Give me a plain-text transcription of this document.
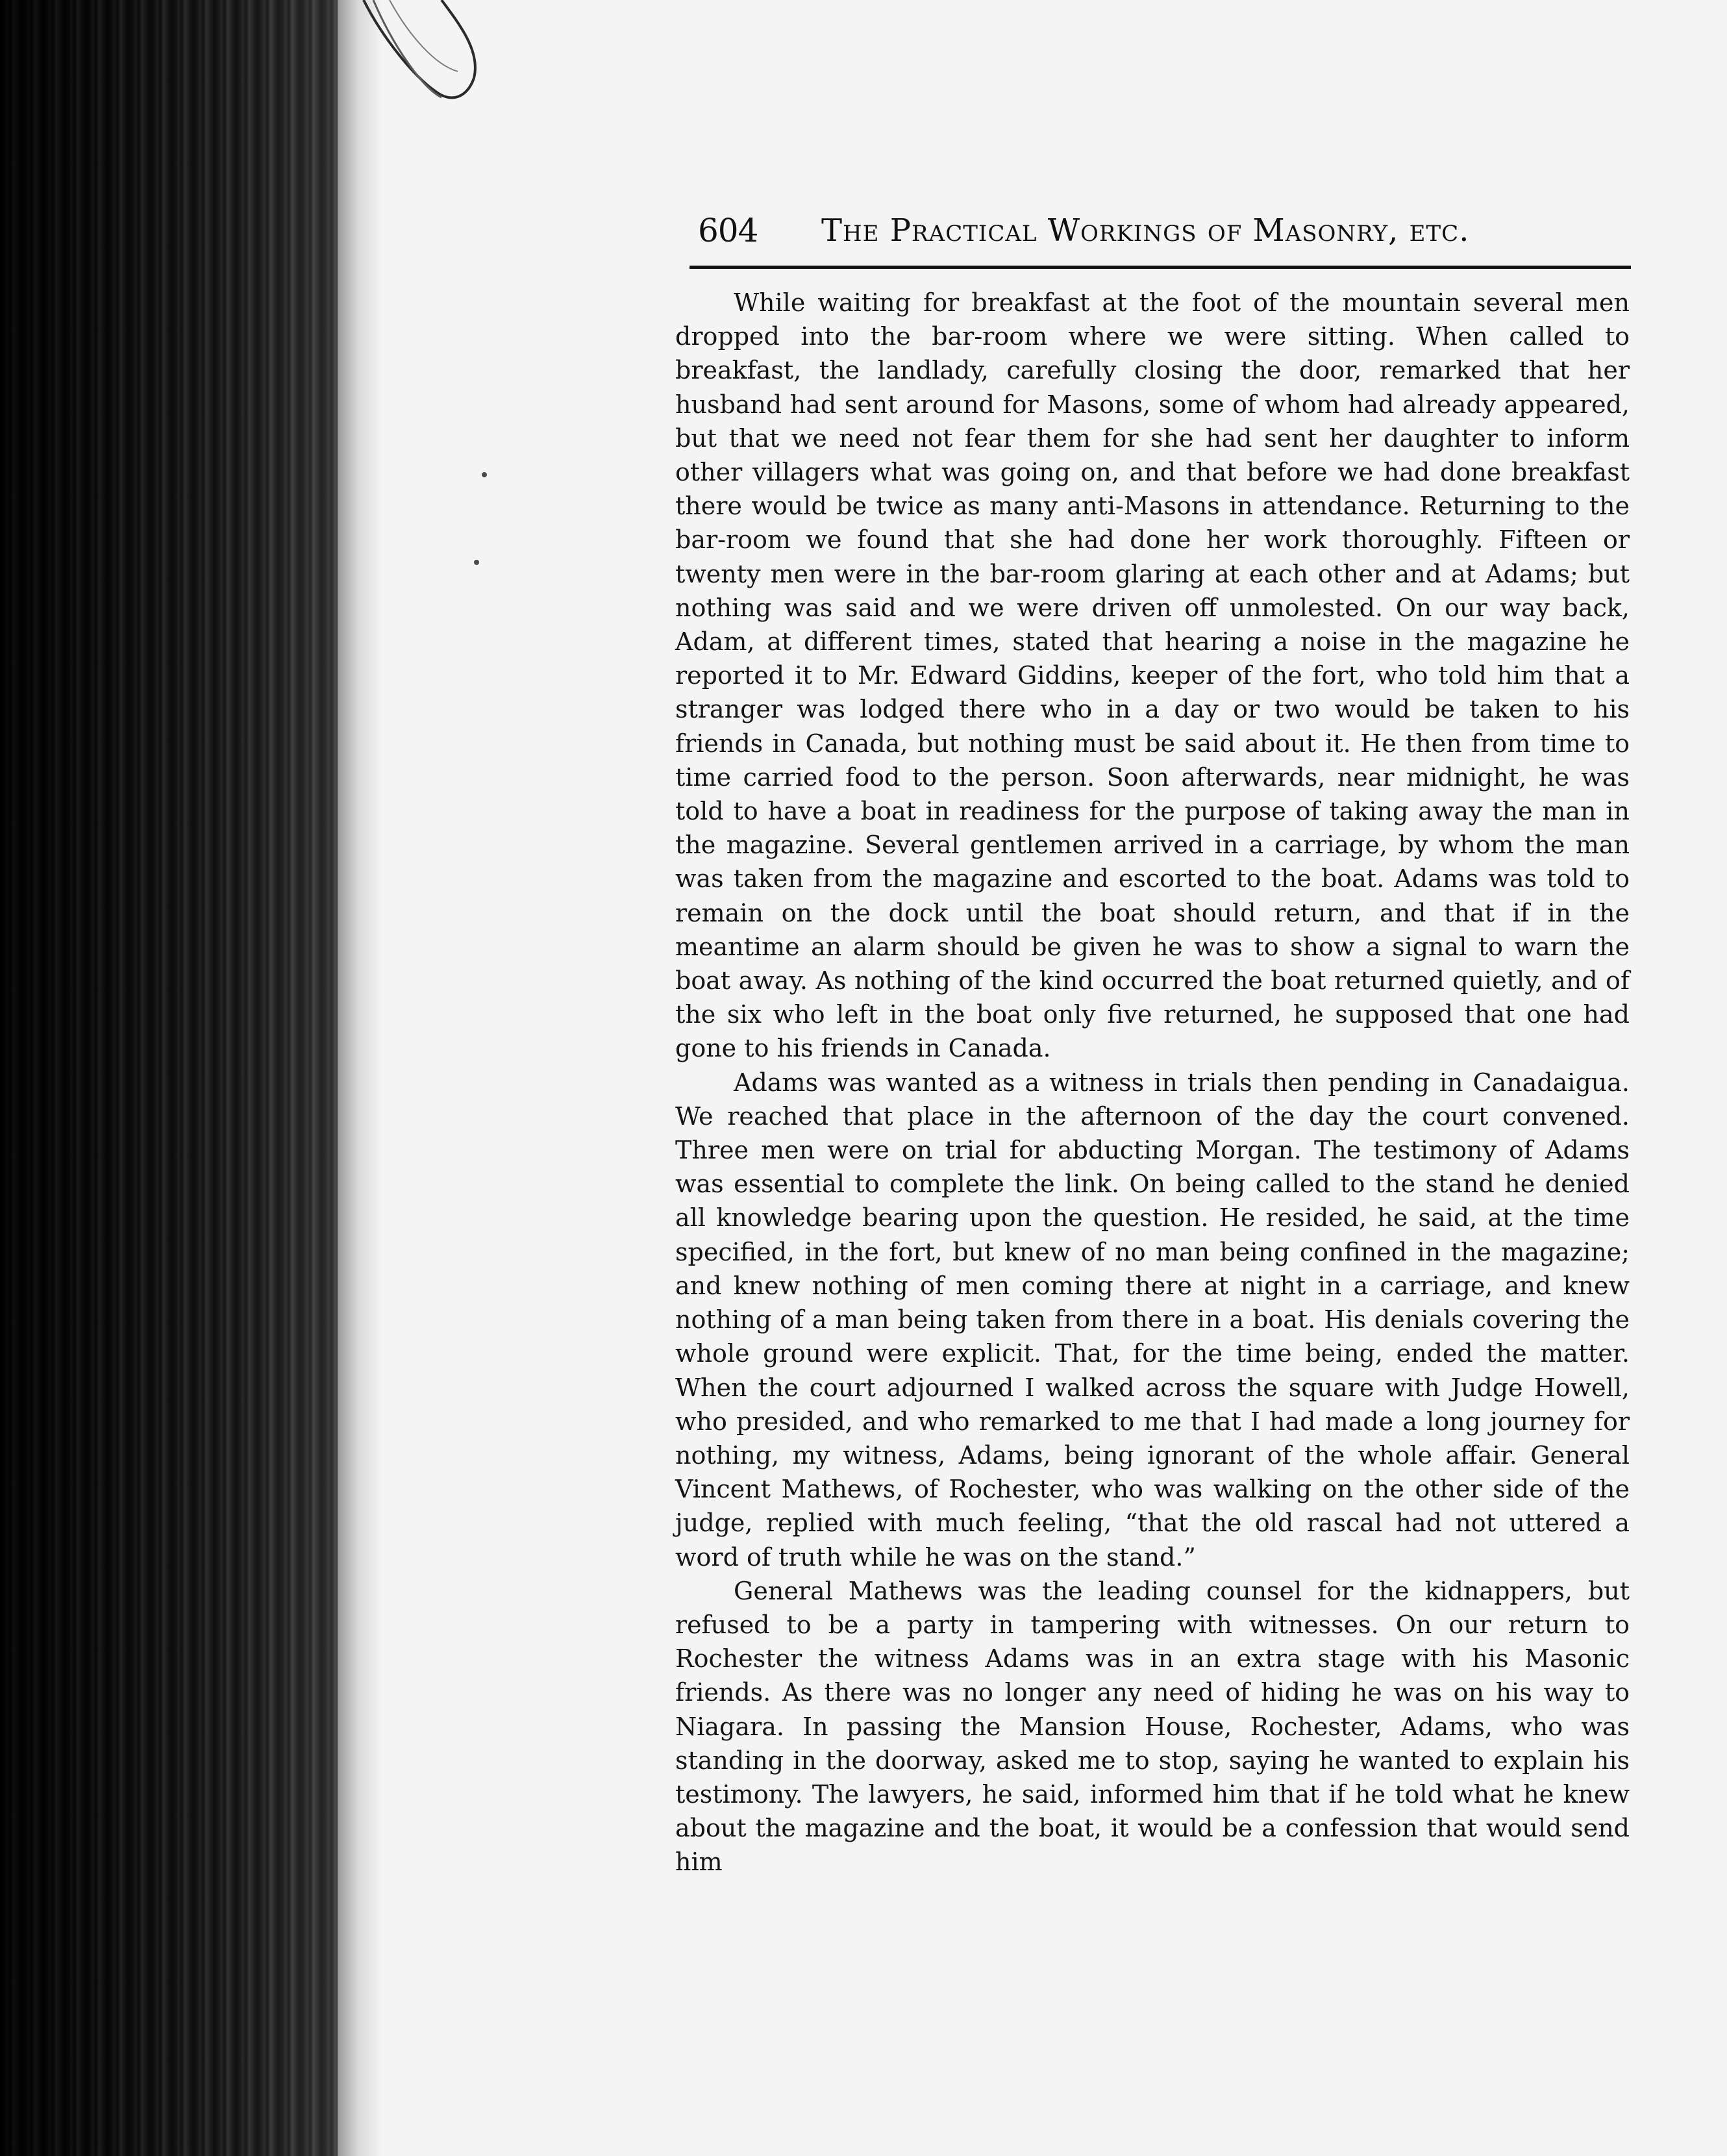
604 The Practical Workings of Masonry, etc.

While waiting for breakfast at the foot of the mountain several men dropped into the bar-room where we were sitting. When called to breakfast, the landlady, carefully closing the door, remarked that her husband had sent around for Masons, some of whom had already appeared, but that we need not fear them for she had sent her daughter to inform other villagers what was going on, and that before we had done breakfast there would be twice as many anti-Masons in attendance. Returning to the bar-room we found that she had done her work thoroughly. Fifteen or twenty men were in the bar-room glaring at each other and at Adams; but nothing was said and we were driven off unmolested. On our way back, Adam, at different times, stated that hearing a noise in the magazine he reported it to Mr. Edward Giddins, keeper of the fort, who told him that a stranger was lodged there who in a day or two would be taken to his friends in Canada, but nothing must be said about it. He then from time to time carried food to the person. Soon afterwards, near midnight, he was told to have a boat in readiness for the purpose of taking away the man in the magazine. Several gentlemen arrived in a carriage, by whom the man was taken from the magazine and escorted to the boat. Adams was told to remain on the dock until the boat should return, and that if in the meantime an alarm should be given he was to show a signal to warn the boat away. As nothing of the kind occurred the boat returned quietly, and of the six who left in the boat only five returned, he supposed that one had gone to his friends in Canada.

Adams was wanted as a witness in trials then pending in Canadaigua. We reached that place in the afternoon of the day the court convened. Three men were on trial for abducting Morgan. The testimony of Adams was essential to complete the link. On being called to the stand he denied all knowledge bearing upon the question. He resided, he said, at the time specified, in the fort, but knew of no man being confined in the magazine; and knew nothing of men coming there at night in a carriage, and knew nothing of a man being taken from there in a boat. His denials covering the whole ground were explicit. That, for the time being, ended the matter. When the court adjourned I walked across the square with Judge Howell, who presided, and who remarked to me that I had made a long journey for nothing, my witness, Adams, being ignorant of the whole affair. General Vincent Mathews, of Rochester, who was walking on the other side of the judge, replied with much feeling, “that the old rascal had not uttered a word of truth while he was on the stand.”

General Mathews was the leading counsel for the kidnappers, but refused to be a party in tampering with witnesses. On our return to Rochester the witness Adams was in an extra stage with his Masonic friends. As there was no longer any need of hiding he was on his way to Niagara. In passing the Mansion House, Rochester, Adams, who was standing in the doorway, asked me to stop, saying he wanted to explain his testimony. The lawyers, he said, informed him that if he told what he knew about the magazine and the boat, it would be a confession that would send him
